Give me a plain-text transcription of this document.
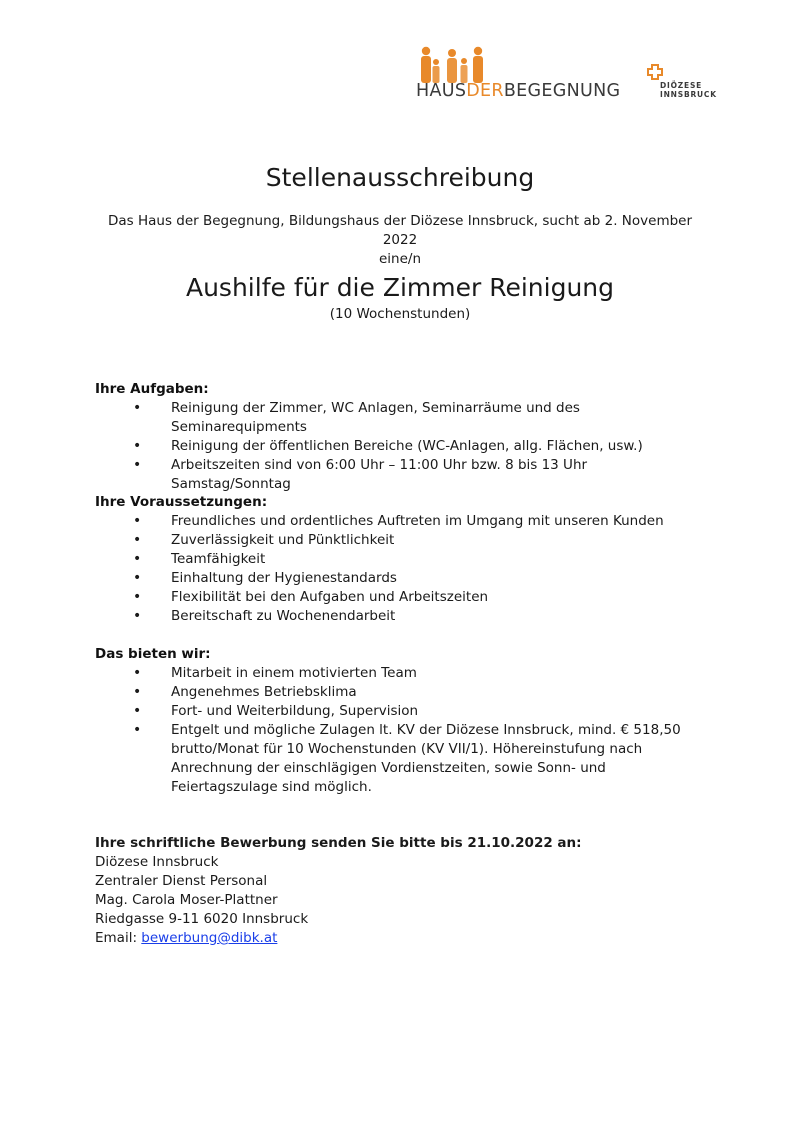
HAUSDERBEGEGNUNG	DIÖZESE
INNSBRUCK
Stellenausschreibung
Das Haus der Begegnung, Bildungshaus der Diözese Innsbruck, sucht ab 2. November 2022
eine/n
Aushilfe für die Zimmer Reinigung
(10 Wochenstunden)
Ihre Aufgaben:
• Reinigung der Zimmer, WC Anlagen, Seminarräume und des Seminarequipments
• Reinigung der öffentlichen Bereiche (WC-Anlagen, allg. Flächen, usw.)
• Arbeitszeiten sind von 6:00 Uhr – 11:00 Uhr bzw. 8 bis 13 Uhr Samstag/Sonntag
Ihre Voraussetzungen:
• Freundliches und ordentliches Auftreten im Umgang mit unseren Kunden
• Zuverlässigkeit und Pünktlichkeit
• Teamfähigkeit
• Einhaltung der Hygienestandards
• Flexibilität bei den Aufgaben und Arbeitszeiten
• Bereitschaft zu Wochenendarbeit
Das bieten wir:
• Mitarbeit in einem motivierten Team
• Angenehmes Betriebsklima
• Fort- und Weiterbildung, Supervision
• Entgelt und mögliche Zulagen lt. KV der Diözese Innsbruck, mind. € 518,50 brutto/Monat für 10 Wochenstunden (KV VII/1). Höhereinstufung nach Anrechnung der einschlägigen Vordienstzeiten, sowie Sonn- und Feiertagszulage sind möglich.
Ihre schriftliche Bewerbung senden Sie bitte bis 21.10.2022 an:
Diözese Innsbruck
Zentraler Dienst Personal
Mag. Carola Moser-Plattner
Riedgasse 9-11 6020 Innsbruck
Email: bewerbung@dibk.at
